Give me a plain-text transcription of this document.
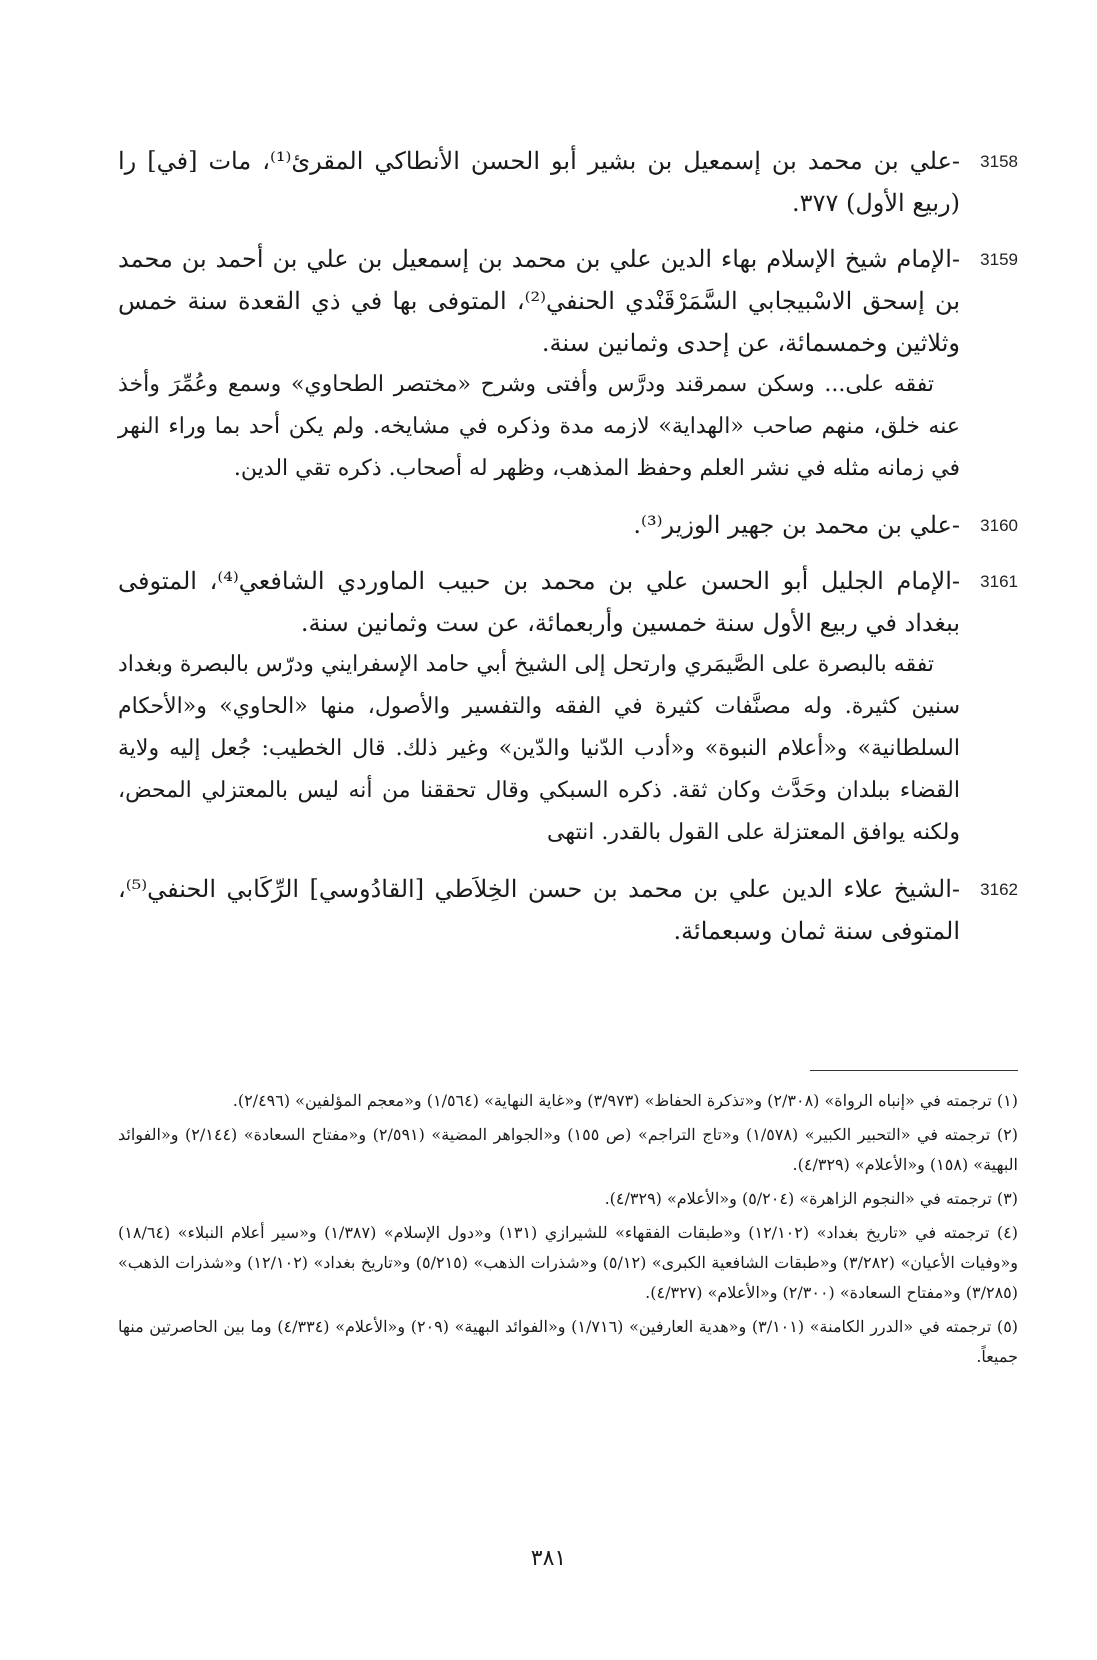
3158

-علي بن محمد بن إسمعيل بن بشير أبو الحسن الأنطاكي المقرئ⁽¹⁾، مات [في] را (ربيع الأول) ٣٧٧.

3159

-الإمام شيخ الإسلام بهاء الدين علي بن محمد بن إسمعيل بن علي بن أحمد بن محمد بن إسحق الاسْبيجابي السَّمَرْقَنْدي الحنفي⁽²⁾، المتوفى بها في ذي القعدة سنة خمس وثلاثين وخمسمائة، عن إحدى وثمانين سنة.

تفقه على... وسكن سمرقند ودرَّس وأفتى وشرح «مختصر الطحاوي» وسمع وعُمِّرَ وأخذ عنه خلق، منهم صاحب «الهداية» لازمه مدة وذكره في مشايخه. ولم يكن أحد بما وراء النهر في زمانه مثله في نشر العلم وحفظ المذهب، وظهر له أصحاب. ذكره تقي الدين.

3160

-علي بن محمد بن جهير الوزير⁽³⁾.

3161

-الإمام الجليل أبو الحسن علي بن محمد بن حبيب الماوردي الشافعي⁽⁴⁾، المتوفى ببغداد في ربيع الأول سنة خمسين وأربعمائة، عن ست وثمانين سنة.

تفقه بالبصرة على الصَّيمَري وارتحل إلى الشيخ أبي حامد الإسفرايني ودرّس بالبصرة وبغداد سنين كثيرة. وله مصنَّفات كثيرة في الفقه والتفسير والأصول، منها «الحاوي» و«الأحكام السلطانية» و«أعلام النبوة» و«أدب الدّنيا والدّين» وغير ذلك. قال الخطيب: جُعل إليه ولاية القضاء ببلدان وحَدَّث وكان ثقة. ذكره السبكي وقال تحققنا من أنه ليس بالمعتزلي المحض، ولكنه يوافق المعتزلة على القول بالقدر. انتهى

3162

-الشيخ علاء الدين علي بن محمد بن حسن الخِلاَطي [القادُوسي] الرِّكَابي الحنفي⁽⁵⁾، المتوفى سنة ثمان وسبعمائة.

(١) ترجمته في «إنباه الرواة» (٢/٣٠٨) و«تذكرة الحفاظ» (٣/٩٧٣) و«غاية النهاية» (١/٥٦٤) و«معجم المؤلفين» (٢/٤٩٦).

(٢) ترجمته في «التحبير الكبير» (١/٥٧٨) و«تاج التراجم» (ص ١٥٥) و«الجواهر المضية» (٢/٥٩١) و«مفتاح السعادة» (٢/١٤٤) و«الفوائد البهية» (١٥٨) و«الأعلام» (٤/٣٢٩).

(٣) ترجمته في «النجوم الزاهرة» (٥/٢٠٤) و«الأعلام» (٤/٣٢٩).

(٤) ترجمته في «تاريخ بغداد» (١٢/١٠٢) و«طبقات الفقهاء» للشيرازي (١٣١) و«دول الإسلام» (١/٣٨٧) و«سير أعلام النبلاء» (١٨/٦٤) و«وفيات الأعيان» (٣/٢٨٢) و«طبقات الشافعية الكبرى» (٥/١٢) و«شذرات الذهب» (٥/٢١٥) و«تاريخ بغداد» (١٢/١٠٢) و«شذرات الذهب» (٣/٢٨٥) و«مفتاح السعادة» (٢/٣٠٠) و«الأعلام» (٤/٣٢٧).

(٥) ترجمته في «الدرر الكامنة» (٣/١٠١) و«هدية العارفين» (١/٧١٦) و«الفوائد البهية» (٢٠٩) و«الأعلام» (٤/٣٣٤) وما بين الحاصرتين منها جميعاً.

٣٨١
